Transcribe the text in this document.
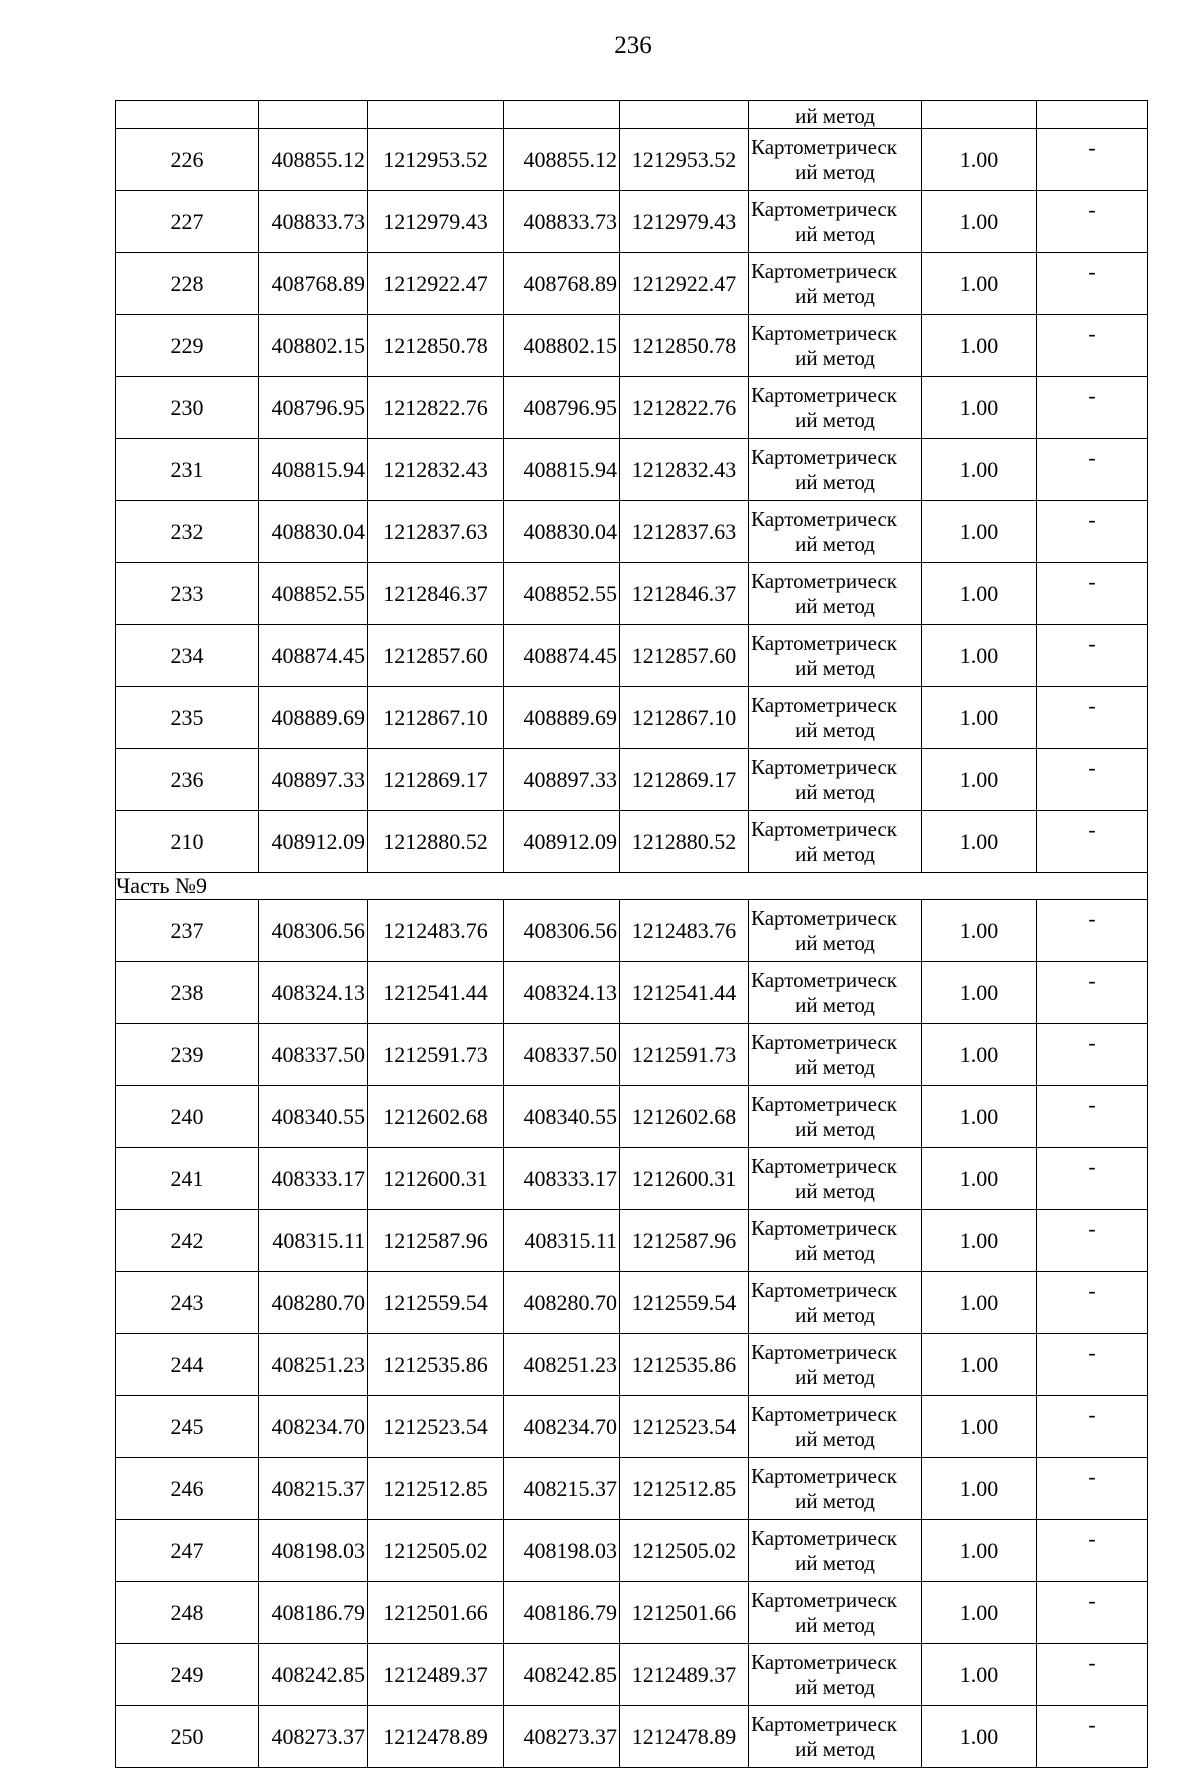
236
					ий метод		
226	408855.12	1212953.52	408855.12	1212953.52	Картометрическ
ий метод	1.00	-
227	408833.73	1212979.43	408833.73	1212979.43	Картометрическ
ий метод	1.00	-
228	408768.89	1212922.47	408768.89	1212922.47	Картометрическ
ий метод	1.00	-
229	408802.15	1212850.78	408802.15	1212850.78	Картометрическ
ий метод	1.00	-
230	408796.95	1212822.76	408796.95	1212822.76	Картометрическ
ий метод	1.00	-
231	408815.94	1212832.43	408815.94	1212832.43	Картометрическ
ий метод	1.00	-
232	408830.04	1212837.63	408830.04	1212837.63	Картометрическ
ий метод	1.00	-
233	408852.55	1212846.37	408852.55	1212846.37	Картометрическ
ий метод	1.00	-
234	408874.45	1212857.60	408874.45	1212857.60	Картометрическ
ий метод	1.00	-
235	408889.69	1212867.10	408889.69	1212867.10	Картометрическ
ий метод	1.00	-
236	408897.33	1212869.17	408897.33	1212869.17	Картометрическ
ий метод	1.00	-
210	408912.09	1212880.52	408912.09	1212880.52	Картометрическ
ий метод	1.00	-
Часть №9							
237	408306.56	1212483.76	408306.56	1212483.76	Картометрическ
ий метод	1.00	-
238	408324.13	1212541.44	408324.13	1212541.44	Картометрическ
ий метод	1.00	-
239	408337.50	1212591.73	408337.50	1212591.73	Картометрическ
ий метод	1.00	-
240	408340.55	1212602.68	408340.55	1212602.68	Картометрическ
ий метод	1.00	-
241	408333.17	1212600.31	408333.17	1212600.31	Картометрическ
ий метод	1.00	-
242	408315.11	1212587.96	408315.11	1212587.96	Картометрическ
ий метод	1.00	-
243	408280.70	1212559.54	408280.70	1212559.54	Картометрическ
ий метод	1.00	-
244	408251.23	1212535.86	408251.23	1212535.86	Картометрическ
ий метод	1.00	-
245	408234.70	1212523.54	408234.70	1212523.54	Картометрическ
ий метод	1.00	-
246	408215.37	1212512.85	408215.37	1212512.85	Картометрическ
ий метод	1.00	-
247	408198.03	1212505.02	408198.03	1212505.02	Картометрическ
ий метод	1.00	-
248	408186.79	1212501.66	408186.79	1212501.66	Картометрическ
ий метод	1.00	-
249	408242.85	1212489.37	408242.85	1212489.37	Картометрическ
ий метод	1.00	-
250	408273.37	1212478.89	408273.37	1212478.89	Картометрическ
ий метод	1.00	-
